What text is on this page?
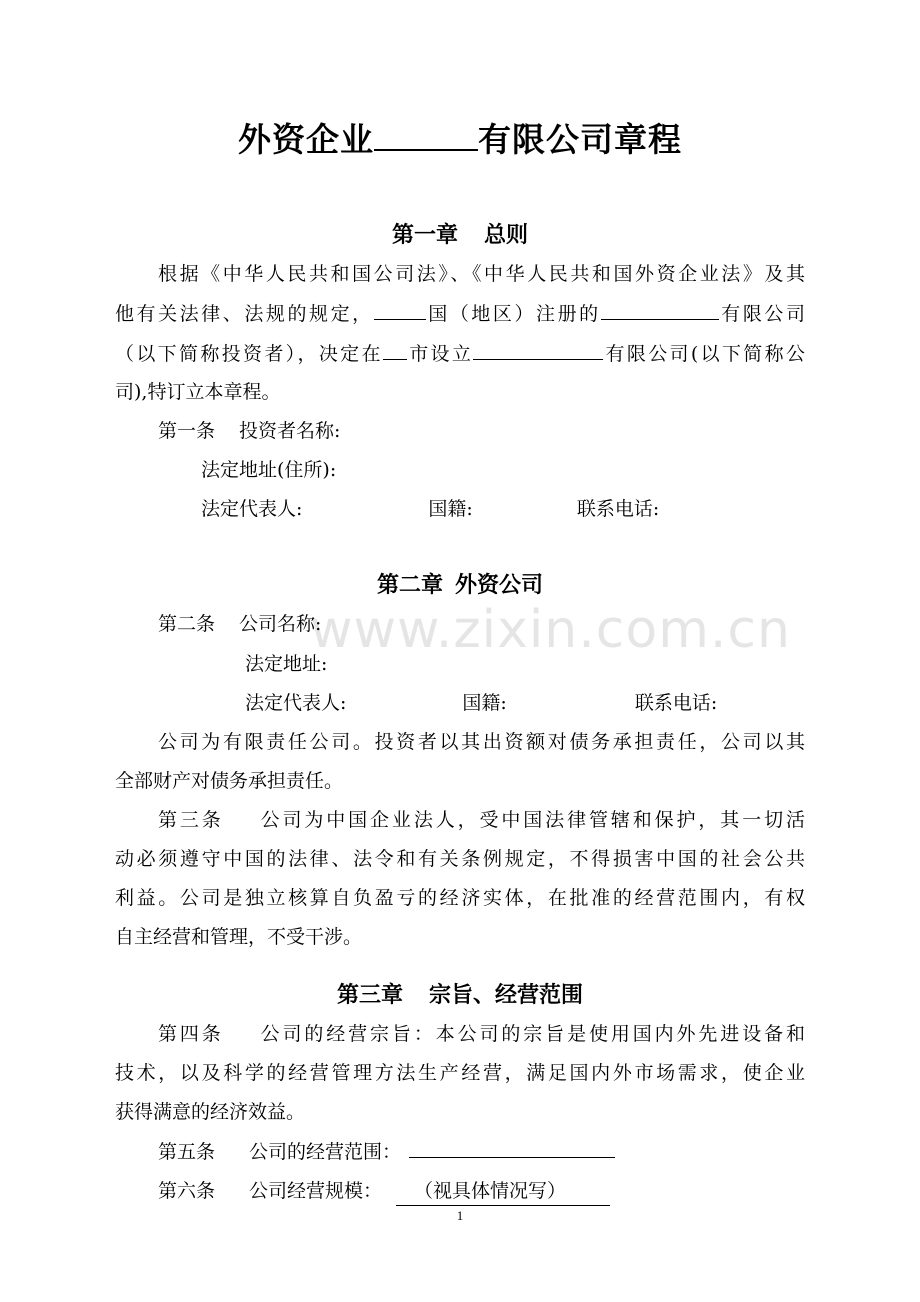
www.zixin.com.cn
外资企业	有限公司章程
第一章 总则
根据《中华人民共和国公司法》、《中华人民共和国外资企业法》及其
他有关法律、法规的规定，	国（地区）注册的	有限公司
（以下简称投资者），决定在 市设立	有限公司(以下简称公
司),特订立本章程。
第一条 投资者名称:
法定地址(住所):
法定代表人:	国籍:	联系电话:
第二章 外资公司
第二条 公司名称:
法定地址:
法定代表人:	国籍:	联系电话:
公司为有限责任公司。投资者以其出资额对债务承担责任，公司以其
全部财产对债务承担责任。
第三条 公司为中国企业法人，受中国法律管辖和保护，其一切活
动必须遵守中国的法律、法令和有关条例规定，不得损害中国的社会公共
利益。公司是独立核算自负盈亏的经济实体，在批准的经营范围内，有权
自主经营和管理，不受干涉。
第三章 宗旨、经营范围
第四条 公司的经营宗旨：本公司的宗旨是使用国内外先进设备和
技术，以及科学的经营管理方法生产经营，满足国内外市场需求，使企业
获得满意的经济效益。
第五条 公司的经营范围：
第六条 公司经营规模： （视具体情况写）
1
